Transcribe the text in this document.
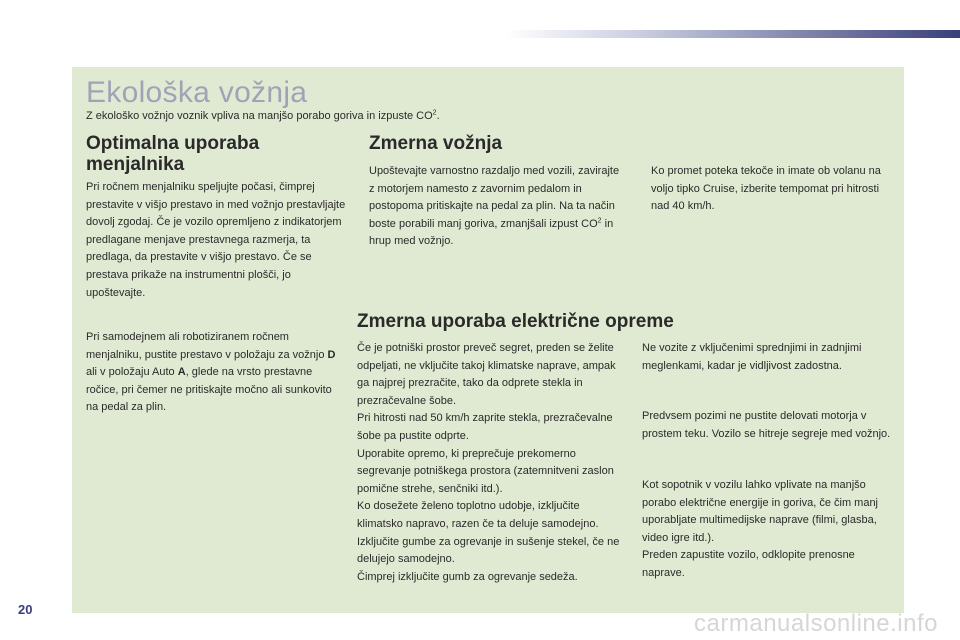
Ekološka vožnja
Z ekološko vožnjo voznik vpliva na manjšo porabo goriva in izpuste $CO^2$.
Optimalna uporaba menjalnika

Pri ročnem menjalniku speljujte počasi, čimprej prestavite v višjo prestavo in med vožnjo prestavljajte dovolj zgodaj. Če je vozilo opremljeno z indikatorjem predlagane menjave prestavnega razmerja, ta predlaga, da prestavite v višjo prestavo. Če se prestava prikaže na instrumentni plošči, jo upoštevajte.

Pri samodejnem ali robotiziranem ročnem menjalniku, pustite prestavo v položaju za vožnjo D ali v položaju Auto A, glede na vrsto prestavne ročice, pri čemer ne pritiskajte močno ali sunkovito na pedal za plin.

Zmerna vožnja

Upoštevajte varnostno razdaljo med vozili, zavirajte z motorjem namesto z zavornim pedalom in postopoma pritiskajte na pedal za plin. Na ta način boste porabili manj goriva, zmanjšali izpust $CO^2$ in hrup med vožnjo.

Ko promet poteka tekoče in imate ob volanu na voljo tipko Cruise, izberite tempomat pri hitrosti nad 40 km/h.

Zmerna uporaba električne opreme

Če je potniški prostor preveč segret, preden se želite odpeljati, ne vključite takoj klimatske naprave, ampak ga najprej prezračite, tako da odprete stekla in prezračevalne šobe.

Pri hitrosti nad 50 km/h zaprite stekla, prezračevalne šobe pa pustite odprte.

Uporabite opremo, ki preprečuje prekomerno segrevanje potniškega prostora (zatemnitveni zaslon pomične strehe, senčniki itd.).

Ko dosežete želeno toplotno udobje, izključite klimatsko napravo, razen če ta deluje samodejno.

Izključite gumbe za ogrevanje in sušenje stekel, če ne delujejo samodejno.

Čimprej izključite gumb za ogrevanje sedeža.

Ne vozite z vključenimi sprednjimi in zadnjimi meglenkami, kadar je vidljivost zadostna.

Predvsem pozimi ne pustite delovati motorja v prostem teku. Vozilo se hitreje segreje med vožnjo.

Kot sopotnik v vozilu lahko vplivate na manjšo porabo električne energije in goriva, če čim manj uporabljate multimedijske naprave (filmi, glasba, video igre itd.).

Preden zapustite vozilo, odklopite prenosne naprave.

20
carmanualsonline.info
